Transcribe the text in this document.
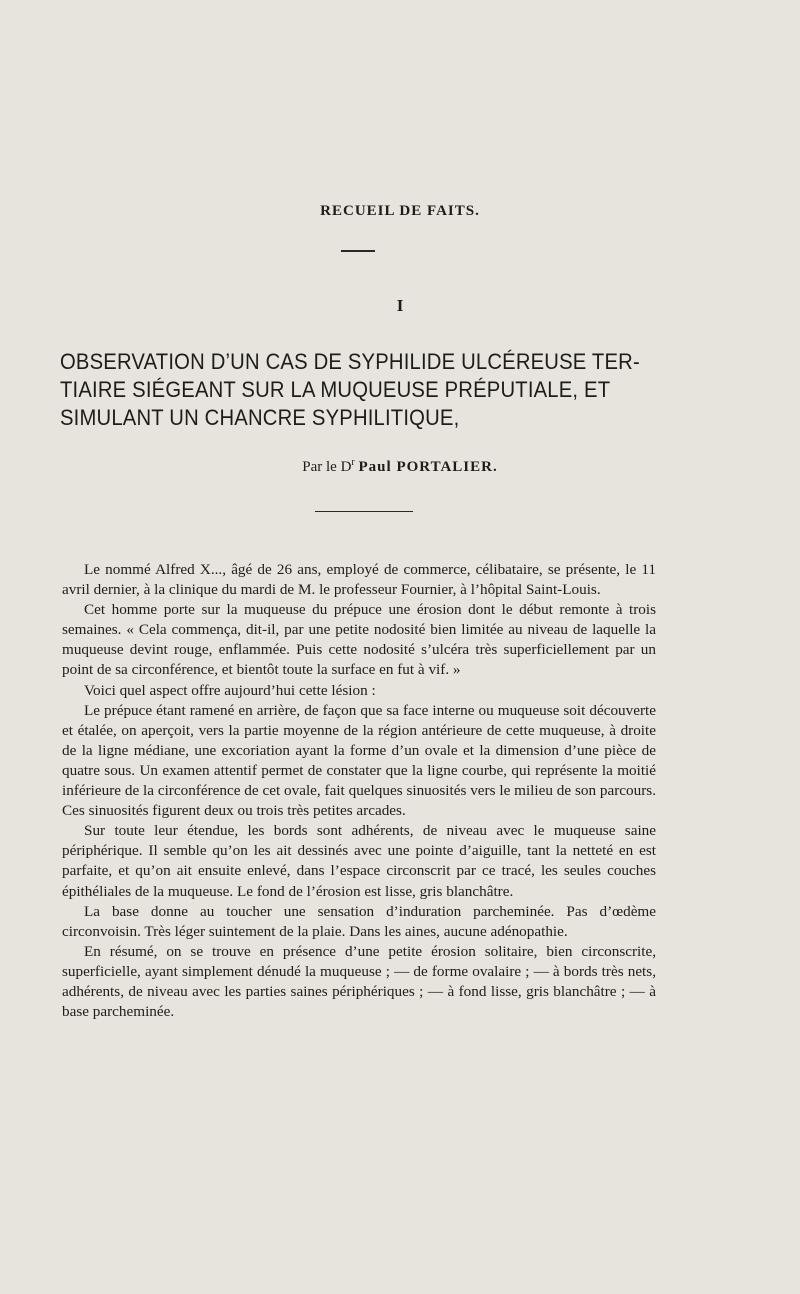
RECUEIL DE FAITS.
I
OBSERVATION D’UN CAS DE SYPHILIDE ULCÉREUSE TER-
TIAIRE SIÉGEANT SUR LA MUQUEUSE PRÉPUTIALE, ET
SIMULANT UN CHANCRE SYPHILITIQUE,
Par le $D^r$ Paul PORTALIER.

Le nommé Alfred X..., âgé de 26 ans, employé de commerce, célibataire, se présente, le 11 avril dernier, à la clinique du mardi de M. le professeur Fournier, à l’hôpital Saint-Louis.

Cet homme porte sur la muqueuse du prépuce une érosion dont le début remonte à trois semaines. « Cela commença, dit-il, par une petite nodosité bien limitée au niveau de laquelle la muqueuse devint rouge, enflammée. Puis cette nodosité s’ulcéra très superficiellement par un point de sa circonférence, et bientôt toute la surface en fut à vif. »

Voici quel aspect offre aujourd’hui cette lésion :

Le prépuce étant ramené en arrière, de façon que sa face interne ou muqueuse soit découverte et étalée, on aperçoit, vers la partie moyenne de la région antérieure de cette muqueuse, à droite de la ligne médiane, une excoriation ayant la forme d’un ovale et la dimension d’une pièce de quatre sous. Un examen attentif permet de constater que la ligne courbe, qui représente la moitié inférieure de la circonférence de cet ovale, fait quelques sinuosités vers le milieu de son parcours. Ces sinuosités figurent deux ou trois très petites arcades.

Sur toute leur étendue, les bords sont adhérents, de niveau avec le muqueuse saine périphérique. Il semble qu’on les ait dessinés avec une pointe d’aiguille, tant la netteté en est parfaite, et qu’on ait ensuite enlevé, dans l’espace circonscrit par ce tracé, les seules couches épithéliales de la muqueuse. Le fond de l’érosion est lisse, gris blanchâtre.

La base donne au toucher une sensation d’induration parcheminée. Pas d’œdème circonvoisin. Très léger suintement de la plaie. Dans les aines, aucune adénopathie.

En résumé, on se trouve en présence d’une petite érosion solitaire, bien circonscrite, superficielle, ayant simplement dénudé la muqueuse ; — de forme ovalaire ; — à bords très nets, adhérents, de niveau avec les parties saines périphériques ; — à fond lisse, gris blanchâtre ; — à base parcheminée.
